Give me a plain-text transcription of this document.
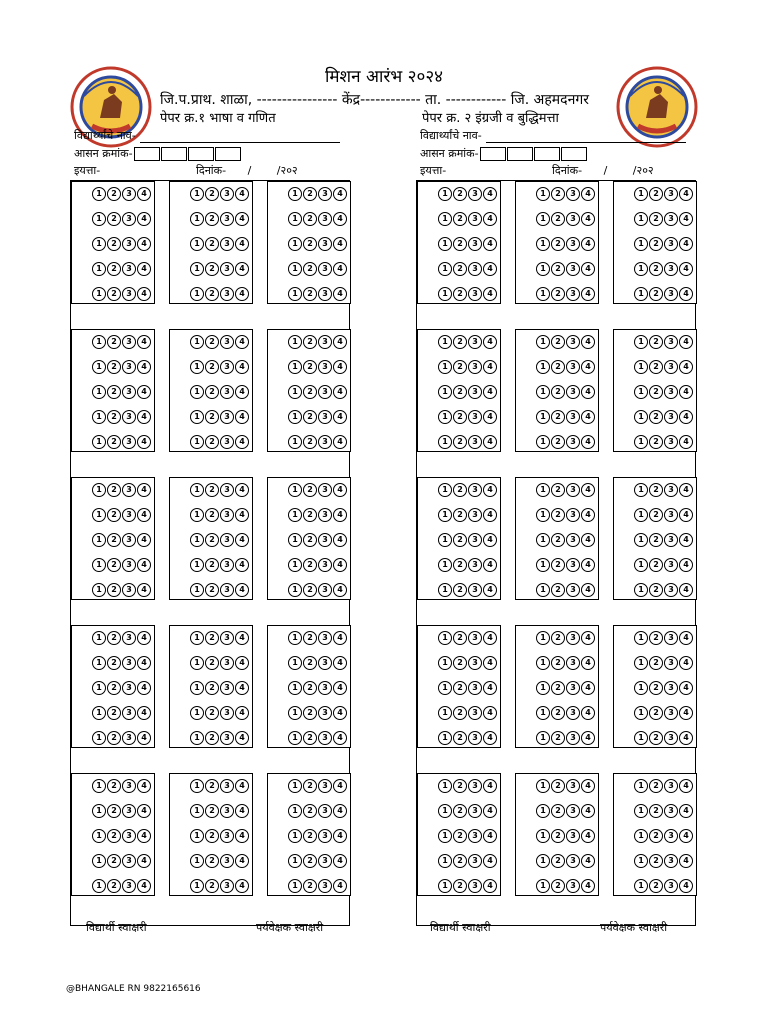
मिशन आरंभ २०२४
जि.प.प्राथ. शाळा, ---------------- केंद्र------------ ता. ------------ जि. अहमदनगर
पेपर क्र.१ भाषा व गणित	पेपर क्र. २ इंग्रजी व बुद्धिमत्ता
विद्यार्थ्यांचे नाव-
आसन क्रमांक-
इयत्ता-	दिनांक- / /२०२
विद्यार्थ्यांचे नाव-
आसन क्रमांक-
इयत्ता-	दिनांक- / /२०२
1	2	3	4
1	2	3	4
1	2	3	4
1	2	3	4
1	2	3	4
1	2	3	4
1	2	3	4
1	2	3	4
1	2	3	4
1	2	3	4
1	2	3	4
1	2	3	4
1	2	3	4
1	2	3	4
1	2	3	4
1	2	3	4
1	2	3	4
1	2	3	4
1	2	3	4
1	2	3	4
1	2	3	4
1	2	3	4
1	2	3	4
1	2	3	4
1	2	3	4
1	2	3	4
1	2	3	4
1	2	3	4
1	2	3	4
1	2	3	4
1	2	3	4
1	2	3	4
1	2	3	4
1	2	3	4
1	2	3	4
1	2	3	4
1	2	3	4
1	2	3	4
1	2	3	4
1	2	3	4
1	2	3	4
1	2	3	4
1	2	3	4
1	2	3	4
1	2	3	4
1	2	3	4
1	2	3	4
1	2	3	4
1	2	3	4
1	2	3	4
1	2	3	4
1	2	3	4
1	2	3	4
1	2	3	4
1	2	3	4
1	2	3	4
1	2	3	4
1	2	3	4
1	2	3	4
1	2	3	4
1	2	3	4
1	2	3	4
1	2	3	4
1	2	3	4
1	2	3	4
1	2	3	4
1	2	3	4
1	2	3	4
1	2	3	4
1	2	3	4
1	2	3	4
1	2	3	4
1	2	3	4
1	2	3	4
1	2	3	4
1	2	3	4
1	2	3	4
1	2	3	4
1	2	3	4
1	2	3	4
1	2	3	4
1	2	3	4
1	2	3	4
1	2	3	4
1	2	3	4
1	2	3	4
1	2	3	4
1	2	3	4
1	2	3	4
1	2	3	4
1	2	3	4
1	2	3	4
1	2	3	4
1	2	3	4
1	2	3	4
1	2	3	4
1	2	3	4
1	2	3	4
1	2	3	4
1	2	3	4
1	2	3	4
1	2	3	4
1	2	3	4
1	2	3	4
1	2	3	4
1	2	3	4
1	2	3	4
1	2	3	4
1	2	3	4
1	2	3	4
1	2	3	4
1	2	3	4
1	2	3	4
1	2	3	4
1	2	3	4
1	2	3	4
1	2	3	4
1	2	3	4
1	2	3	4
1	2	3	4
1	2	3	4
1	2	3	4
1	2	3	4
1	2	3	4
1	2	3	4
1	2	3	4
1	2	3	4
1	2	3	4
1	2	3	4
1	2	3	4
1	2	3	4
1	2	3	4
1	2	3	4
1	2	3	4
1	2	3	4
1	2	3	4
1	2	3	4
1	2	3	4
1	2	3	4
1	2	3	4
1	2	3	4
1	2	3	4
1	2	3	4
1	2	3	4
1	2	3	4
1	2	3	4
1	2	3	4
1	2	3	4
1	2	3	4
1	2	3	4
विद्यार्थी स्वाक्षरी	पर्यवेक्षक स्वाक्षरी	विद्यार्थी स्वाक्षरी	पर्यवेक्षक स्वाक्षरी
@BHANGALE RN 9822165616
